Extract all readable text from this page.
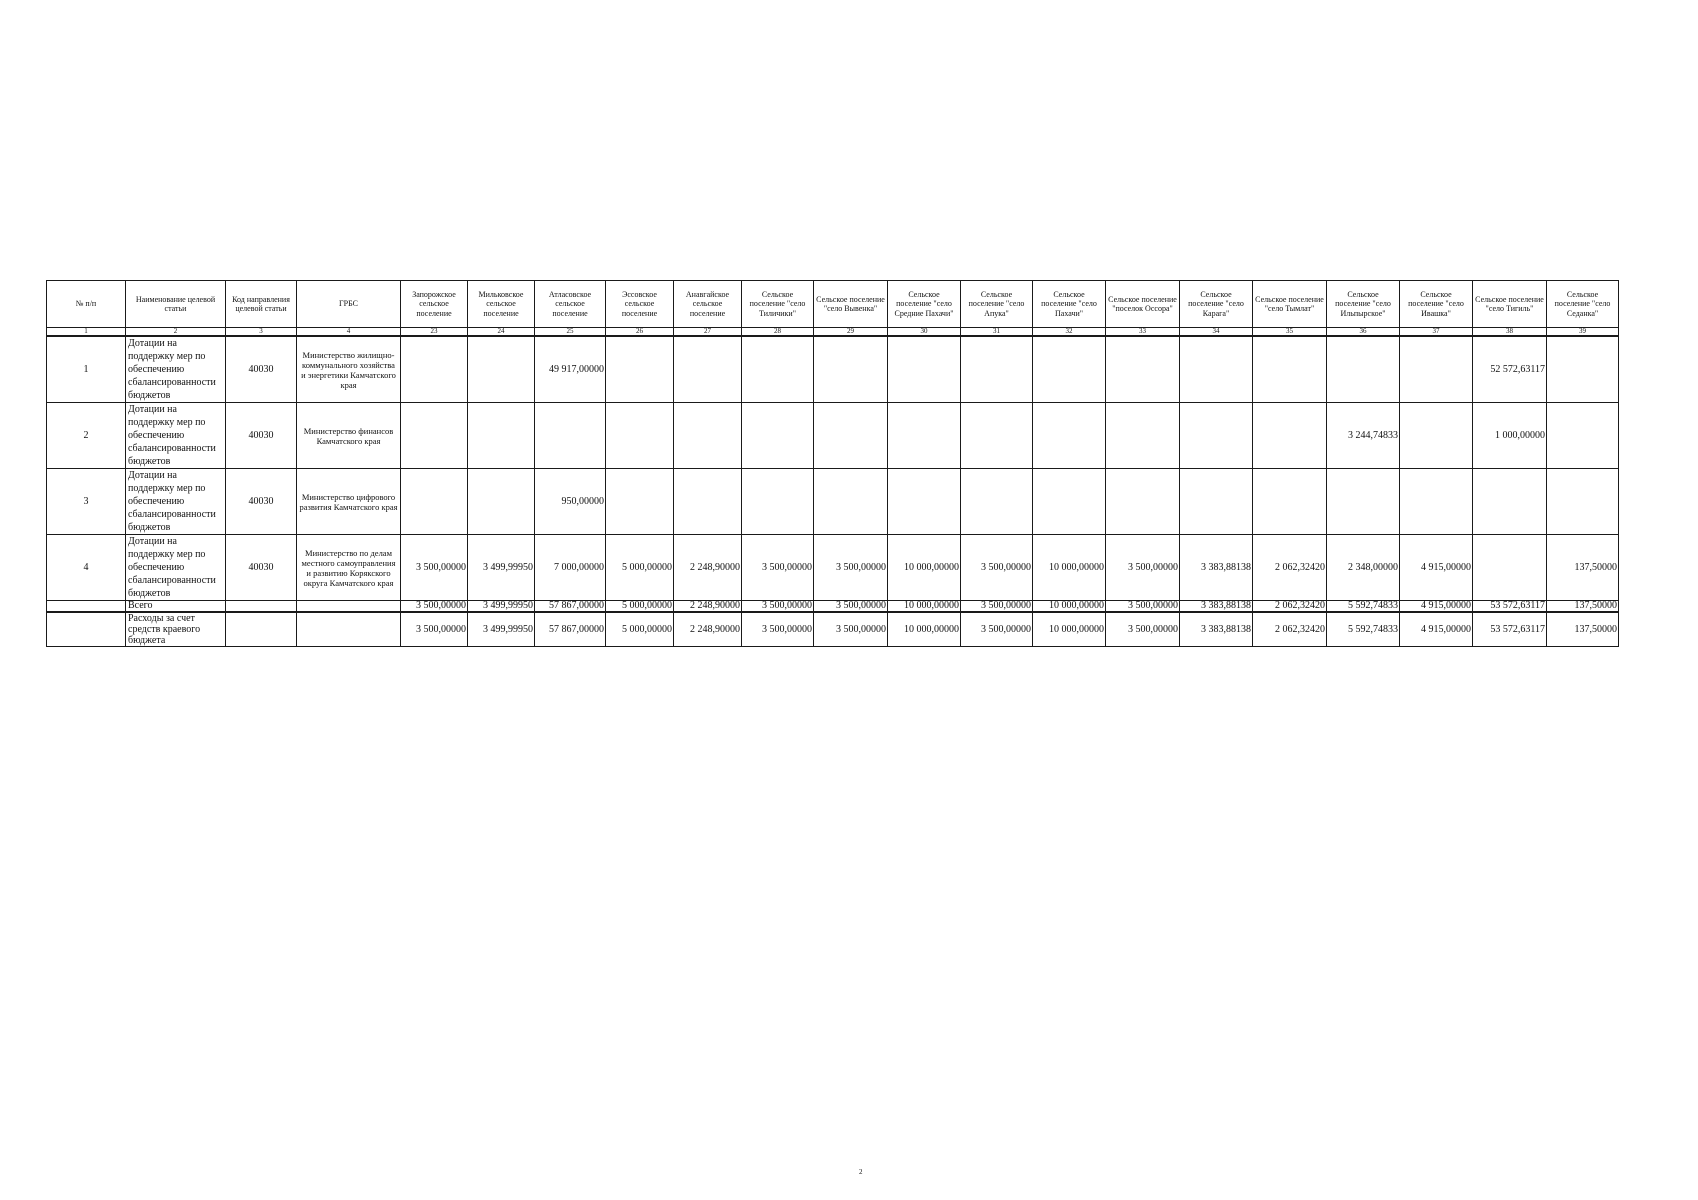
№ п/п	Наименование целевой статьи	Код направления целевой статьи	ГРБС	Запорожское сельское поселение	Мильковское сельское поселение	Атласовское сельское поселение	Эссовское сельское поселение	Анавгайское сельское поселение	Сельское поселение "село Тиличики"	Сельское поселение "село Вывенка"	Сельское поселение "село Средние Пахачи"	Сельское поселение "село Апука"	Сельское поселение "село Пахачи"	Сельское поселение "поселок Оссора"	Сельское поселение "село Карага"	Сельское поселение "село Тымлат"	Сельское поселение "село Ильпырское"	Сельское поселение "село Ивашка"	Сельское поселение "село Тигиль"	Сельское поселение "село Седанка"
1	2	3	4	23	24	25	26	27	28	29	30	31	32	33	34	35	36	37	38	39
1	Дотации на поддержку мер по обеспечению сбалансированности бюджетов	40030	Министерство жилищно-коммунального хозяйства и энергетики Камчатского края			49 917,00000													52 572,63117	
2	Дотации на поддержку мер по обеспечению сбалансированности бюджетов	40030	Министерство финансов Камчатского края														3 244,74833		1 000,00000	
3	Дотации на поддержку мер по обеспечению сбалансированности бюджетов	40030	Министерство цифрового развития Камчатского края			950,00000														
4	Дотации на поддержку мер по обеспечению сбалансированности бюджетов	40030	Министерство по делам местного самоуправления и развитию Корякского округа Камчатского края	3 500,00000	3 499,99950	7 000,00000	5 000,00000	2 248,90000	3 500,00000	3 500,00000	10 000,00000	3 500,00000	10 000,00000	3 500,00000	3 383,88138	2 062,32420	2 348,00000	4 915,00000		137,50000
	Всего			3 500,00000	3 499,99950	57 867,00000	5 000,00000	2 248,90000	3 500,00000	3 500,00000	10 000,00000	3 500,00000	10 000,00000	3 500,00000	3 383,88138	2 062,32420	5 592,74833	4 915,00000	53 572,63117	137,50000
	Расходы за счет средств краевого бюджета			3 500,00000	3 499,99950	57 867,00000	5 000,00000	2 248,90000	3 500,00000	3 500,00000	10 000,00000	3 500,00000	10 000,00000	3 500,00000	3 383,88138	2 062,32420	5 592,74833	4 915,00000	53 572,63117	137,50000
2
